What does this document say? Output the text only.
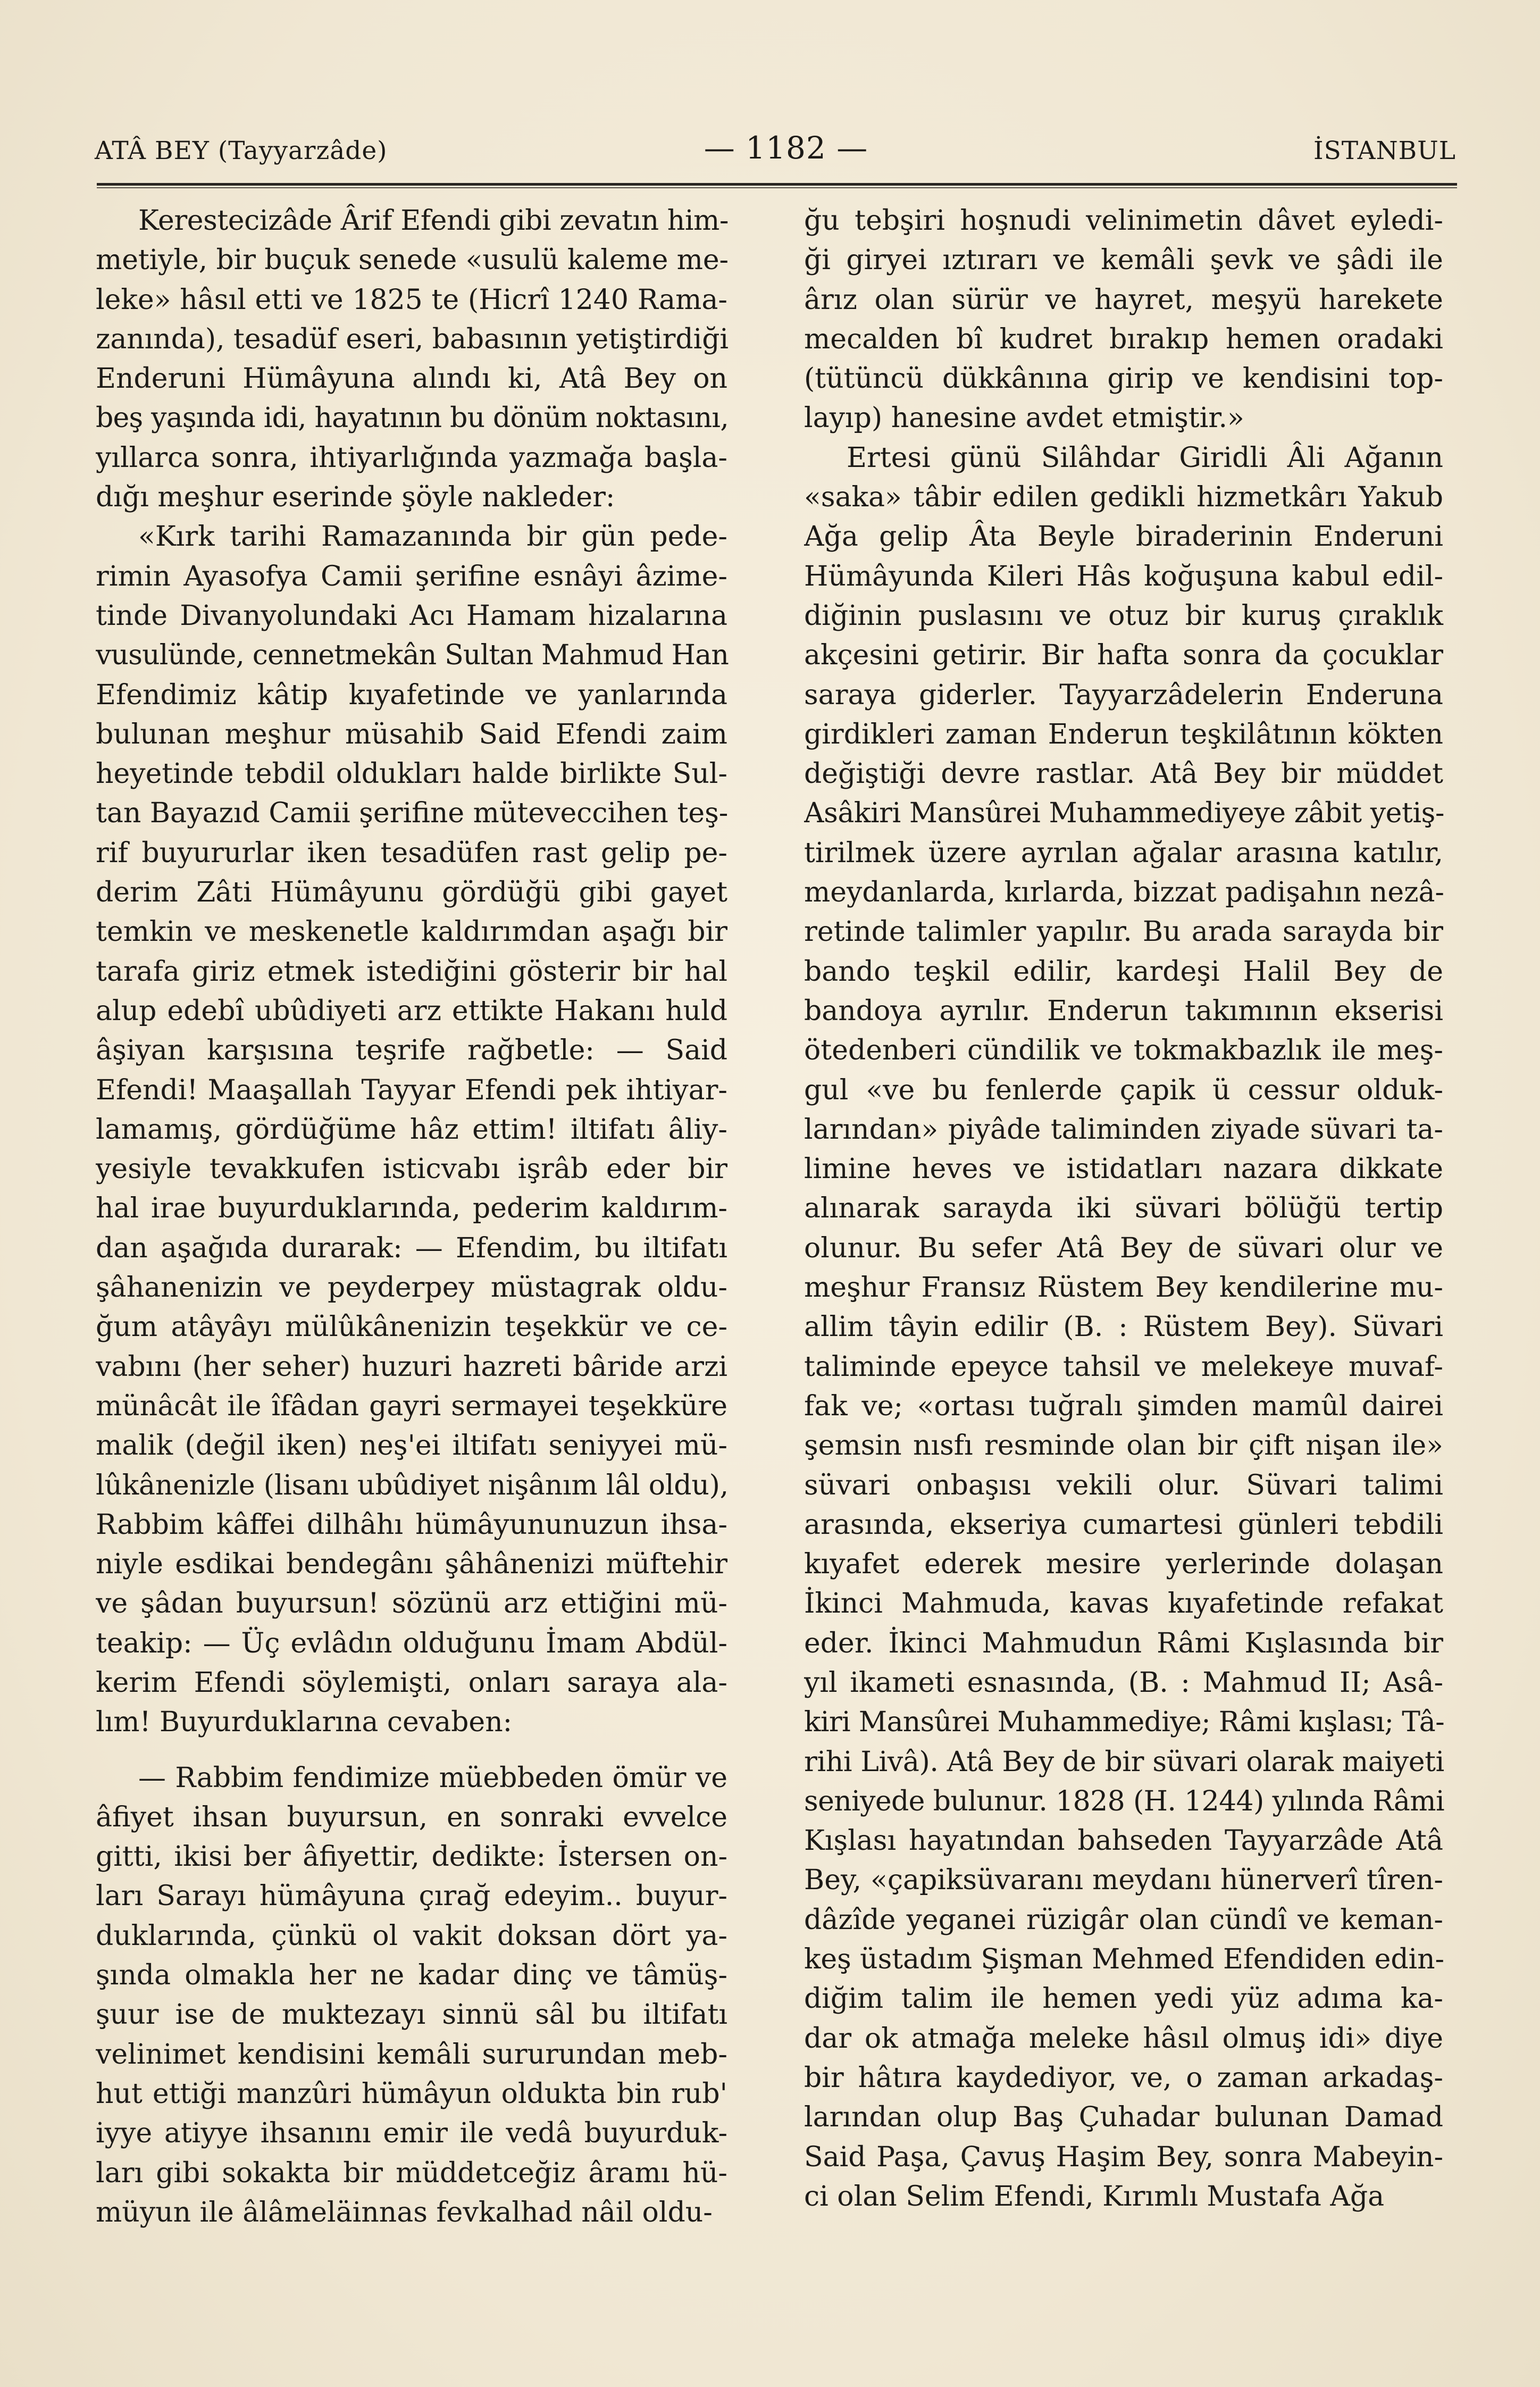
ATÂ BEY (Tayyarzâde)	— 1182 —	İSTANBUL
Kerestecizâde Ârif Efendi gibi zevatın him-
metiyle, bir buçuk senede «usulü kaleme me-
leke» hâsıl etti ve 1825 te (Hicrî 1240 Rama-
zanında), tesadüf eseri, babasının yetiştirdiği
Enderuni Hümâyuna alındı ki, Atâ Bey on
beş yaşında idi, hayatının bu dönüm noktasını,
yıllarca sonra, ihtiyarlığında yazmağa başla-
dığı meşhur eserinde şöyle nakleder:
«Kırk tarihi Ramazanında bir gün pede-
rimin Ayasofya Camii şerifine esnâyi âzime-
tinde Divanyolundaki Acı Hamam hizalarına
vusulünde, cennetmekân Sultan Mahmud Han
Efendimiz kâtip kıyafetinde ve yanlarında
bulunan meşhur müsahib Said Efendi zaim
heyetinde tebdil oldukları halde birlikte Sul-
tan Bayazıd Camii şerifine müteveccihen teş-
rif buyururlar iken tesadüfen rast gelip pe-
derim Zâti Hümâyunu gördüğü gibi gayet
temkin ve meskenetle kaldırımdan aşağı bir
tarafa giriz etmek istediğini gösterir bir hal
alup edebî ubûdiyeti arz ettikte Hakanı huld
âşiyan karşısına teşrife rağbetle: — Said
Efendi! Maaşallah Tayyar Efendi pek ihtiyar-
lamamış, gördüğüme hâz ettim! iltifatı âliy-
yesiyle tevakkufen isticvabı işrâb eder bir
hal irae buyurduklarında, pederim kaldırım-
dan aşağıda durarak: — Efendim, bu iltifatı
şâhanenizin ve peyderpey müstagrak oldu-
ğum atâyâyı mülûkânenizin teşekkür ve ce-
vabını (her seher) huzuri hazreti bâride arzi
münâcât ile îfâdan gayri sermayei teşekküre
malik (değil iken) neş'ei iltifatı seniyyei mü-
lûkânenizle (lisanı ubûdiyet nişânım lâl oldu),
Rabbim kâffei dilhâhı hümâyununuzun ihsa-
niyle esdikai bendegânı şâhânenizi müftehir
ve şâdan buyursun! sözünü arz ettiğini mü-
teakip: — Üç evlâdın olduğunu İmam Abdül-
kerim Efendi söylemişti, onları saraya ala-
lım! Buyurduklarına cevaben:
— Rabbim fendimize müebbeden ömür ve
âfiyet ihsan buyursun, en sonraki evvelce
gitti, ikisi ber âfiyettir, dedikte: İstersen on-
ları Sarayı hümâyuna çırağ edeyim.. buyur-
duklarında, çünkü ol vakit doksan dört ya-
şında olmakla her ne kadar dinç ve tâmüş-
şuur ise de muktezayı sinnü sâl bu iltifatı
velinimet kendisini kemâli sururundan meb-
hut ettiği manzûri hümâyun oldukta bin rub'
iyye atiyye ihsanını emir ile vedâ buyurduk-
ları gibi sokakta bir müddetceğiz âramı hü-
müyun ile âlâmeläinnas fevkalhad nâil oldu-
ğu tebşiri hoşnudi velinimetin dâvet eyledi-
ği giryei ıztırarı ve kemâli şevk ve şâdi ile
ârız olan sürür ve hayret, meşyü harekete
mecalden bî kudret bırakıp hemen oradaki
(tütüncü dükkânına girip ve kendisini top-
layıp) hanesine avdet etmiştir.»
Ertesi günü Silâhdar Giridli Âli Ağanın
«saka» tâbir edilen gedikli hizmetkârı Yakub
Ağa gelip Âta Beyle biraderinin Enderuni
Hümâyunda Kileri Hâs koğuşuna kabul edil-
diğinin puslasını ve otuz bir kuruş çıraklık
akçesini getirir. Bir hafta sonra da çocuklar
saraya giderler. Tayyarzâdelerin Enderuna
girdikleri zaman Enderun teşkilâtının kökten
değiştiği devre rastlar. Atâ Bey bir müddet
Asâkiri Mansûrei Muhammediyeye zâbit yetiş-
tirilmek üzere ayrılan ağalar arasına katılır,
meydanlarda, kırlarda, bizzat padişahın nezâ-
retinde talimler yapılır. Bu arada sarayda bir
bando teşkil edilir, kardeşi Halil Bey de
bandoya ayrılır. Enderun takımının ekserisi
ötedenberi cündilik ve tokmakbazlık ile meş-
gul «ve bu fenlerde çapik ü cessur olduk-
larından» piyâde taliminden ziyade süvari ta-
limine heves ve istidatları nazara dikkate
alınarak sarayda iki süvari bölüğü tertip
olunur. Bu sefer Atâ Bey de süvari olur ve
meşhur Fransız Rüstem Bey kendilerine mu-
allim tâyin edilir (B. : Rüstem Bey). Süvari
taliminde epeyce tahsil ve melekeye muvaf-
fak ve; «ortası tuğralı şimden mamûl dairei
şemsin nısfı resminde olan bir çift nişan ile»
süvari onbaşısı vekili olur. Süvari talimi
arasında, ekseriya cumartesi günleri tebdili
kıyafet ederek mesire yerlerinde dolaşan
İkinci Mahmuda, kavas kıyafetinde refakat
eder. İkinci Mahmudun Râmi Kışlasında bir
yıl ikameti esnasında, (B. : Mahmud II; Asâ-
kiri Mansûrei Muhammediye; Râmi kışlası; Tâ-
rihi Livâ). Atâ Bey de bir süvari olarak maiyeti
seniyede bulunur. 1828 (H. 1244) yılında Râmi
Kışlası hayatından bahseden Tayyarzâde Atâ
Bey, «çapiksüvaranı meydanı hünerverî tîren-
dâzîde yeganei rüzigâr olan cündî ve keman-
keş üstadım Şişman Mehmed Efendiden edin-
diğim talim ile hemen yedi yüz adıma ka-
dar ok atmağa meleke hâsıl olmuş idi» diye
bir hâtıra kaydediyor, ve, o zaman arkadaş-
larından olup Baş Çuhadar bulunan Damad
Said Paşa, Çavuş Haşim Bey, sonra Mabeyin-
ci olan Selim Efendi, Kırımlı Mustafa Ağa
